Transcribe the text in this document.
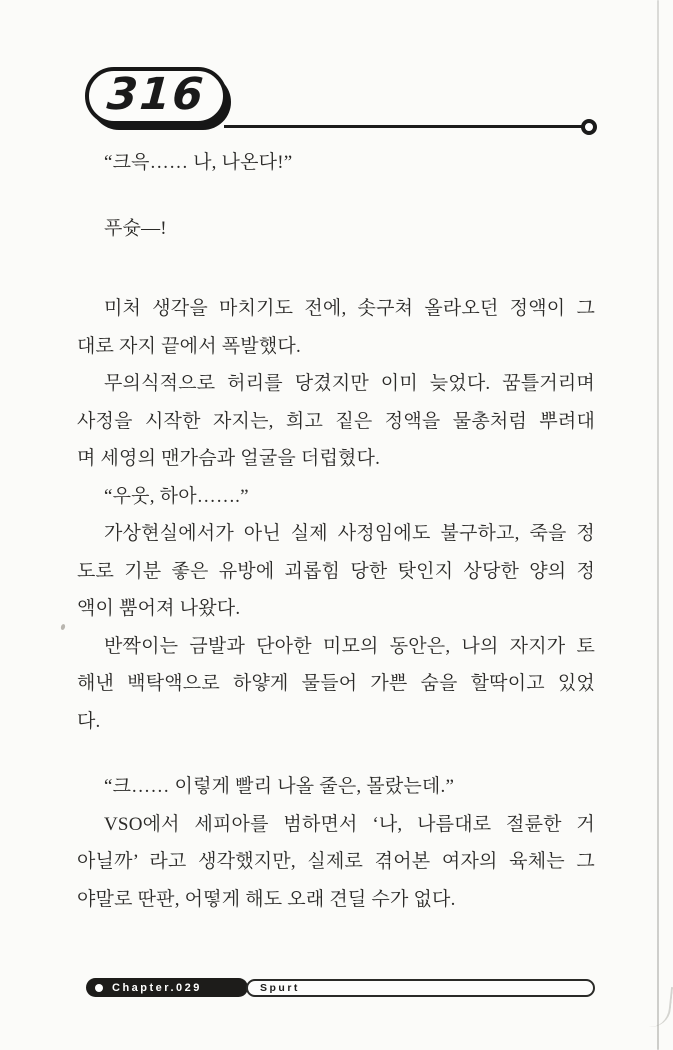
316
“크윽…… 나, 나온다!”
푸슛―!
미처 생각을 마치기도 전에, 솟구쳐 올라오던 정액이 그
대로 자지 끝에서 폭발했다.
무의식적으로 허리를 당겼지만 이미 늦었다. 꿈틀거리며
사정을 시작한 자지는, 희고 짙은 정액을 물총처럼 뿌려대
며 세영의 맨가슴과 얼굴을 더럽혔다.
“우웃, 하아…….”
가상현실에서가 아닌 실제 사정임에도 불구하고, 죽을 정
도로 기분 좋은 유방에 괴롭힘 당한 탓인지 상당한 양의 정
액이 뿜어져 나왔다.
반짝이는 금발과 단아한 미모의 동안은, 나의 자지가 토
해낸 백탁액으로 하얗게 물들어 가쁜 숨을 할딱이고 있었
다.
“크…… 이렇게 빨리 나올 줄은, 몰랐는데.”
VSO에서 세피아를 범하면서 ‘나, 나름대로 절륜한 거
아닐까’ 라고 생각했지만, 실제로 겪어본 여자의 육체는 그
야말로 딴판, 어떻게 해도 오래 견딜 수가 없다.
Chapter.029	Spurt
